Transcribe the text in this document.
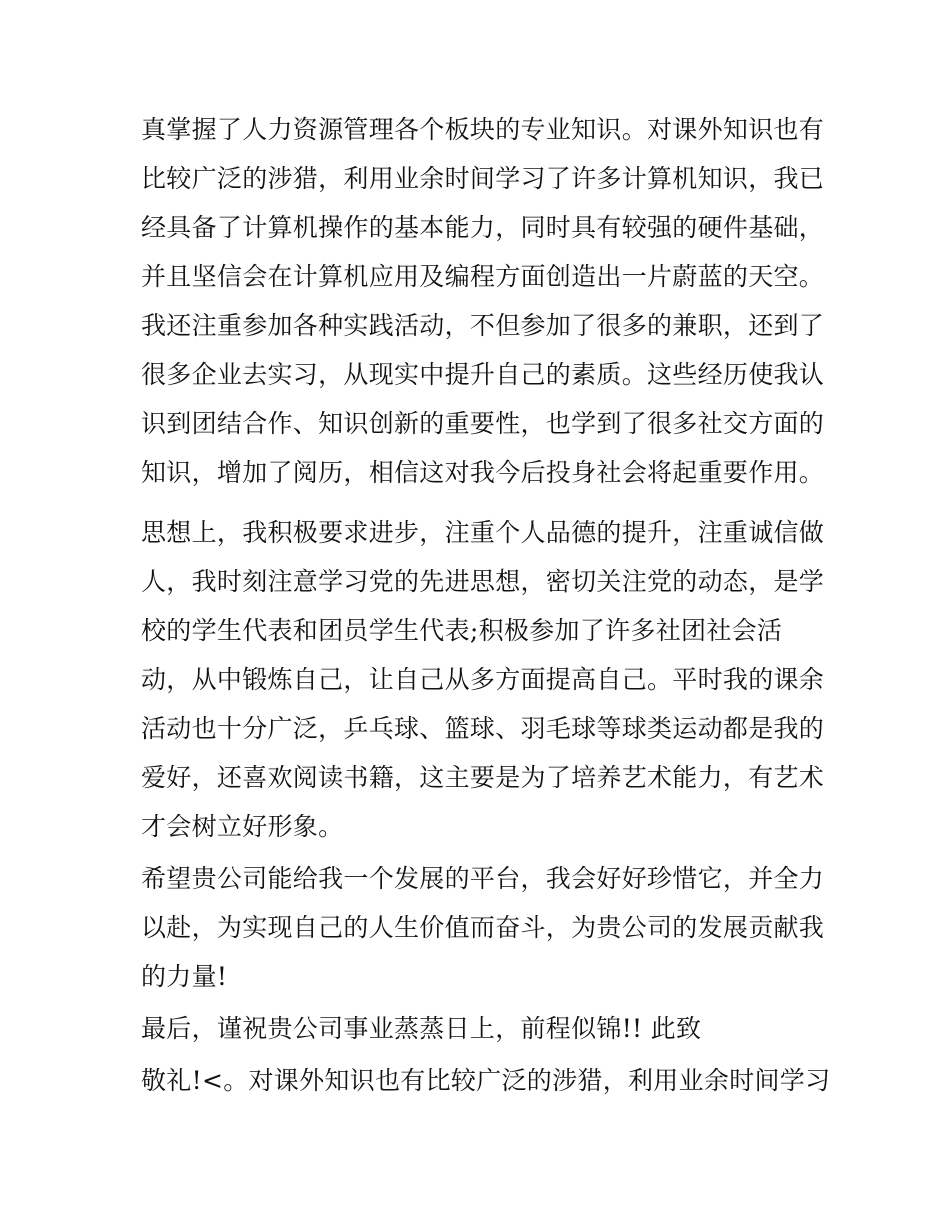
真掌握了人力资源管理各个板块的专业知识。对课外知识也有
比较广泛的涉猎，利用业余时间学习了许多计算机知识，我已
经具备了计算机操作的基本能力，同时具有较强的硬件基础，
并且坚信会在计算机应用及编程方面创造出一片蔚蓝的天空。
我还注重参加各种实践活动，不但参加了很多的兼职，还到了
很多企业去实习，从现实中提升自己的素质。这些经历使我认
识到团结合作、知识创新的重要性，也学到了很多社交方面的
知识，增加了阅历，相信这对我今后投身社会将起重要作用。
思想上，我积极要求进步，注重个人品德的提升，注重诚信做
人，我时刻注意学习党的先进思想，密切关注党的动态，是学
校的学生代表和团员学生代表;积极参加了许多社团社会活
动，从中锻炼自己，让自己从多方面提高自己。平时我的课余
活动也十分广泛，乒乓球、篮球、羽毛球等球类运动都是我的
爱好，还喜欢阅读书籍，这主要是为了培养艺术能力，有艺术
才会树立好形象。
希望贵公司能给我一个发展的平台，我会好好珍惜它，并全力
以赴，为实现自己的人生价值而奋斗，为贵公司的发展贡献我
的力量!
最后，谨祝贵公司事业蒸蒸日上，前程似锦!! 此致
敬礼!<。对课外知识也有比较广泛的涉猎，利用业余时间学习
